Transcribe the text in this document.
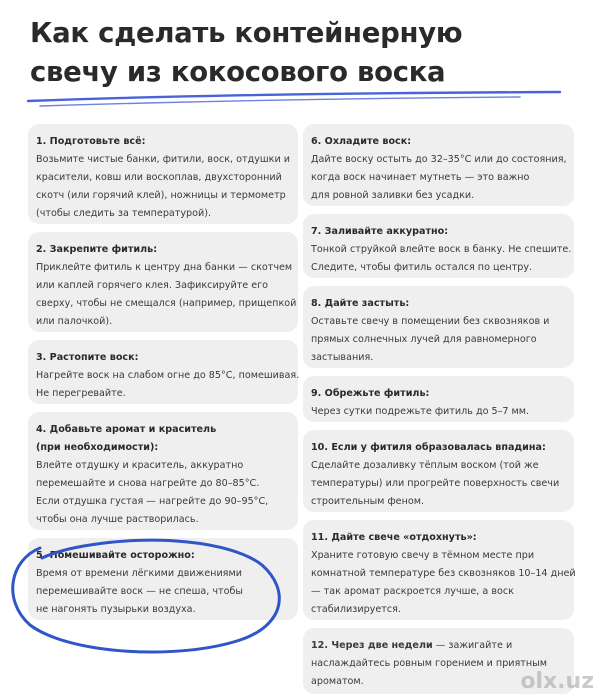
Как сделать контейнерную
свечу из кокосового воска
1. Подготовьте всё:
Возьмите чистые банки, фитили, воск, отдушки и
красители, ковш или воскоплав, двухсторонний
скотч (или горячий клей), ножницы и термометр
(чтобы следить за температурой).
2. Закрепите фитиль:
Приклейте фитиль к центру дна банки — скотчем
или каплей горячего клея. Зафиксируйте его
сверху, чтобы не смещался (например, прищепкой
или палочкой).
3. Растопите воск:
Нагрейте воск на слабом огне до 85°C, помешивая.
Не перегревайте.
4. Добавьте аромат и краситель
(при необходимости):
Влейте отдушку и краситель, аккуратно
перемешайте и снова нагрейте до 80–85°C.
Если отдушка густая — нагрейте до 90–95°C,
чтобы она лучше растворилась.
5. Помешивайте осторожно:
Время от времени лёгкими движениями
перемешивайте воск — не спеша, чтобы
не нагонять пузырьки воздуха.
6. Охладите воск:
Дайте воску остыть до 32–35°C или до состояния,
когда воск начинает мутнеть — это важно
для ровной заливки без усадки.
7. Заливайте аккуратно:
Тонкой струйкой влейте воск в банку. Не спешите.
Следите, чтобы фитиль остался по центру.
8. Дайте застыть:
Оставьте свечу в помещении без сквозняков и
прямых солнечных лучей для равномерного
застывания.
9. Обрежьте фитиль:
Через сутки подрежьте фитиль до 5–7 мм.
10. Если у фитиля образовалась впадина:
Сделайте дозаливку тёплым воском (той же
температуры) или прогрейте поверхность свечи
строительным феном.
11. Дайте свече «отдохнуть»:
Храните готовую свечу в тёмном месте при
комнатной температуре без сквозняков 10–14 дней
— так аромат раскроется лучше, а воск
стабилизируется.
12. Через две недели — зажигайте и
наслаждайтесь ровным горением и приятным
ароматом.	olx.uz
